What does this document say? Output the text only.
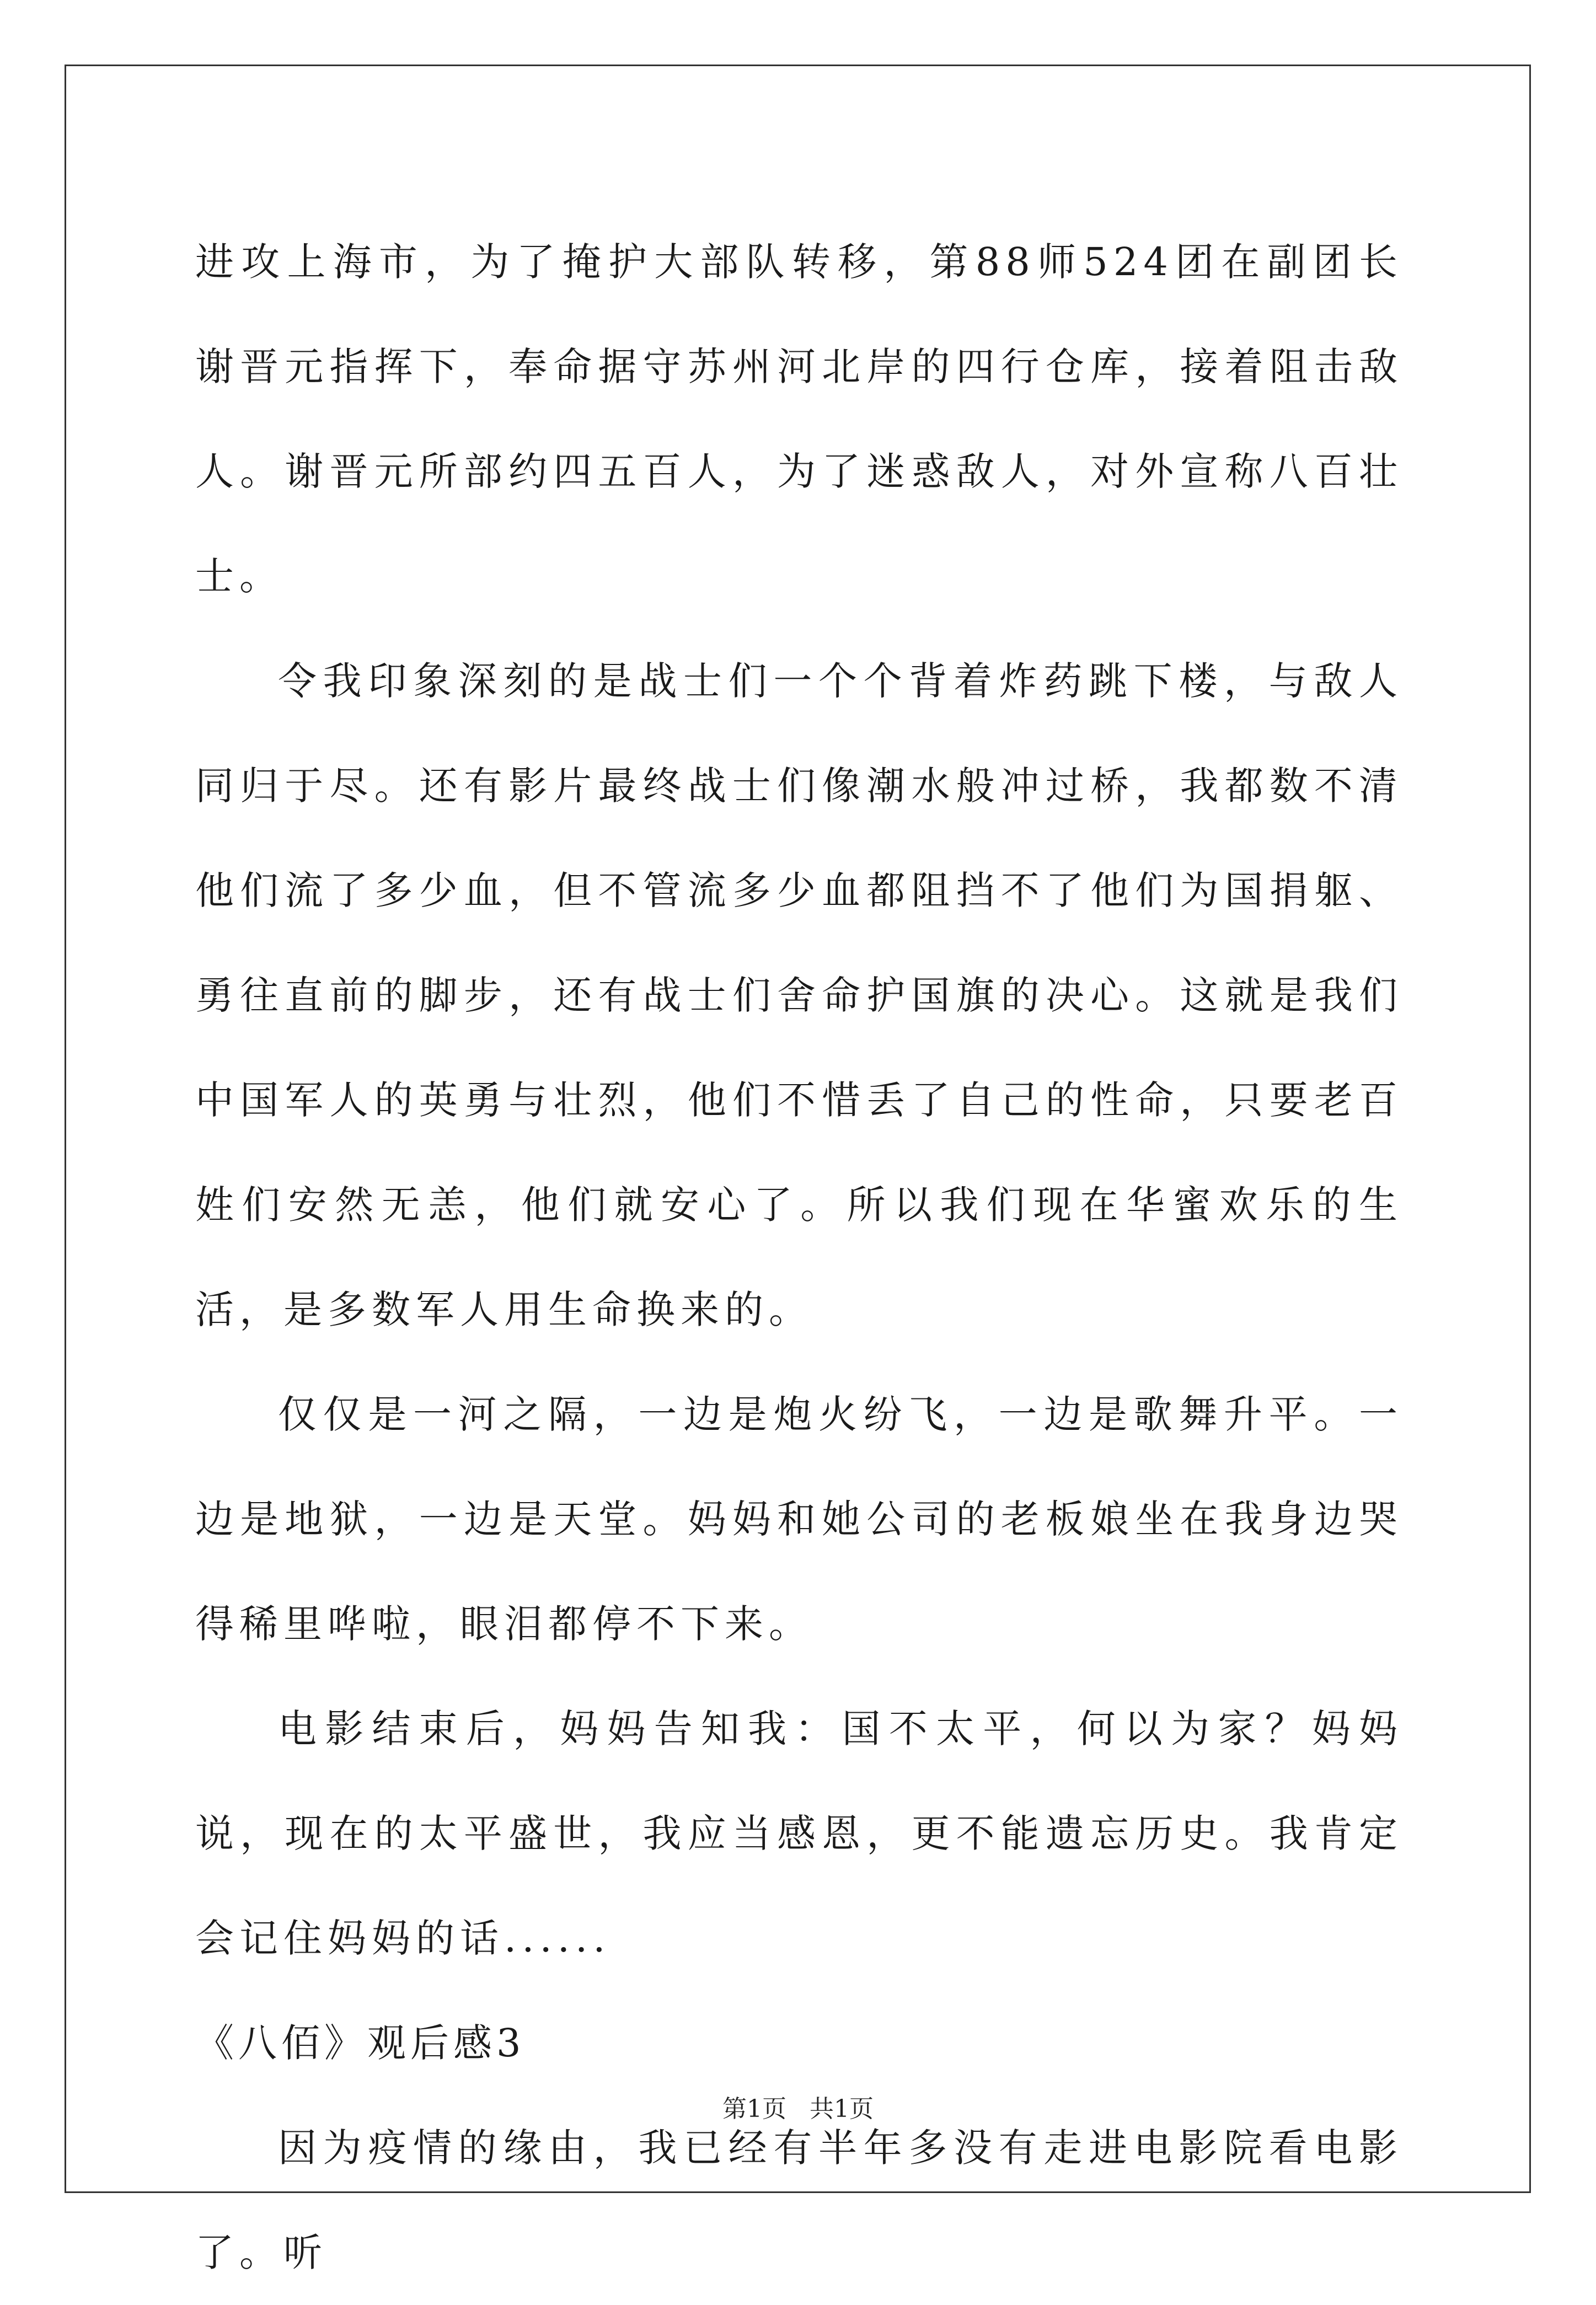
进攻上海市，为了掩护大部队转移，第88师524团在副团长谢晋元指挥下，奉命据守苏州河北岸的四行仓库，接着阻击敌人。谢晋元所部约四五百人，为了迷惑敌人，对外宣称八百壮士。

令我印象深刻的是战士们一个个背着炸药跳下楼，与敌人同归于尽。还有影片最终战士们像潮水般冲过桥，我都数不清他们流了多少血，但不管流多少血都阻挡不了他们为国捐躯、勇往直前的脚步，还有战士们舍命护国旗的决心。这就是我们中国军人的英勇与壮烈，他们不惜丢了自己的性命，只要老百姓们安然无恙，他们就安心了。所以我们现在华蜜欢乐的生活，是多数军人用生命换来的。

仅仅是一河之隔，一边是炮火纷飞，一边是歌舞升平。一边是地狱，一边是天堂。妈妈和她公司的老板娘坐在我身边哭得稀里哗啦，眼泪都停不下来。

电影结束后，妈妈告知我：国不太平，何以为家？妈妈说，现在的太平盛世，我应当感恩，更不能遗忘历史。我肯定会记住妈妈的话......

《八佰》观后感3

因为疫情的缘由，我已经有半年多没有走进电影院看电影了。听

第1页   共1页
